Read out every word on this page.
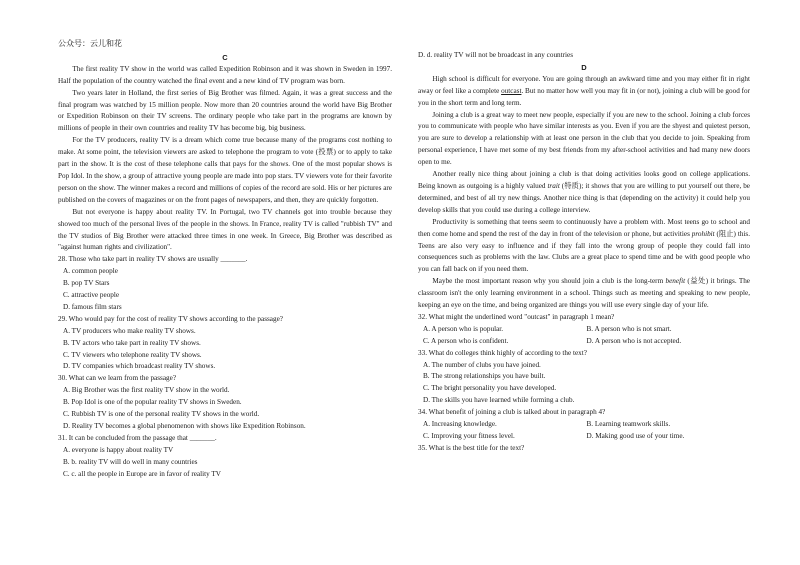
公众号：云儿和花

C

The first reality TV show in the world was called Expedition Robinson and it was shown in Sweden in 1997. Half the population of the country watched the final event and a new kind of TV program was born.

Two years later in Holland, the first series of Big Brother was filmed. Again, it was a great success and the final program was watched by 15 million people. Now more than 20 countries around the world have Big Brother or Expedition Robinson on their TV screens. The ordinary people who take part in the programs are known by millions of people in their own countries and reality TV has become big, big business.

For the TV producers, reality TV is a dream which come true because many of the programs cost nothing to make. At some point, the television viewers are asked to telephone the program to vote (投票) or to apply to take part in the show. It is the cost of these telephone calls that pays for the shows. One of the most popular shows is Pop Idol. In the show, a group of attractive young people are made into pop stars. TV viewers vote for their favorite person on the show. The winner makes a record and millions of copies of the record are sold. His or her pictures are published on the covers of magazines or on the front pages of newspapers, and then, they are quickly forgotten.

But not everyone is happy about reality TV. In Portugal, two TV channels got into trouble because they showed too much of the personal lives of the people in the shows. In France, reality TV is called "rubbish TV" and the TV studios of Big Brother were attacked three times in one week. In Greece, Big Brother was described as "against human rights and civilization".

28. Those who take part in reality TV shows are usually _______.

A. common people

B. pop TV Stars

C. attractive people

D. famous film stars

29. Who would pay for the cost of reality TV shows according to the passage?

A. TV producers who make reality TV shows.

B. TV actors who take part in reality TV shows.

C. TV viewers who telephone reality TV shows.

D. TV companies which broadcast reality TV shows.

30. What can we learn from the passage?

A. Big Brother was the first reality TV show in the world.

B. Pop Idol is one of the popular reality TV shows in Sweden.

C. Rubbish TV is one of the personal reality TV shows in the world.

D. Reality TV becomes a global phenomenon with shows like Expedition Robinson.

31. It can be concluded from the passage that _______.

A. everyone is happy about reality TV

B. b. reality TV will do well in many countries

C. c. all the people in Europe are in favor of reality TV

D. d. reality TV will not be broadcast in any countries

D

High school is difficult for everyone. You are going through an awkward time and you may either fit in right away or feel like a complete outcast. But no matter how well you may fit in (or not), joining a club will be good for you in the short term and long term.

Joining a club is a great way to meet new people, especially if you are new to the school. Joining a club forces you to communicate with people who have similar interests as you. Even if you are the shyest and quietest person, you are sure to develop a relationship with at least one person in the club that you decide to join. Speaking from personal experience, I have met some of my best friends from my after-school activities and had many new doors open to me.

Another really nice thing about joining a club is that doing activities looks good on college applications. Being known as outgoing is a highly valued trait (特质); it shows that you are willing to put yourself out there, be determined, and best of all try new things. Another nice thing is that (depending on the activity) it could help you develop skills that you could use during a college interview.

Productivity is something that teens seem to continuously have a problem with. Most teens go to school and then come home and spend the rest of the day in front of the television or phone, but activities prohibit (阻止) this. Teens are also very easy to influence and if they fall into the wrong group of people they could fall into consequences such as problems with the law. Clubs are a great place to spend time and be with good people who you can fall back on if you need them.

Maybe the most important reason why you should join a club is the long-term benefit (益处) it brings. The classroom isn't the only learning environment in a school. Things such as meeting and speaking to new people, keeping an eye on the time, and being organized are things you will use every single day of your life.

32. What might the underlined word "outcast" in paragraph 1 mean?

A. A person who is popular.	B. A person who is not smart.
C. A person who is confident.	D. A person who is not accepted.

33. What do colleges think highly of according to the text?

A. The number of clubs you have joined.

B. The strong relationships you have built.

C. The bright personality you have developed.

D. The skills you have learned while forming a club.

34. What benefit of joining a club is talked about in paragraph 4?

A. Increasing knowledge.	B. Learning teamwork skills.
C. Improving your fitness level.	D. Making good use of your time.

35. What is the best title for the text?
